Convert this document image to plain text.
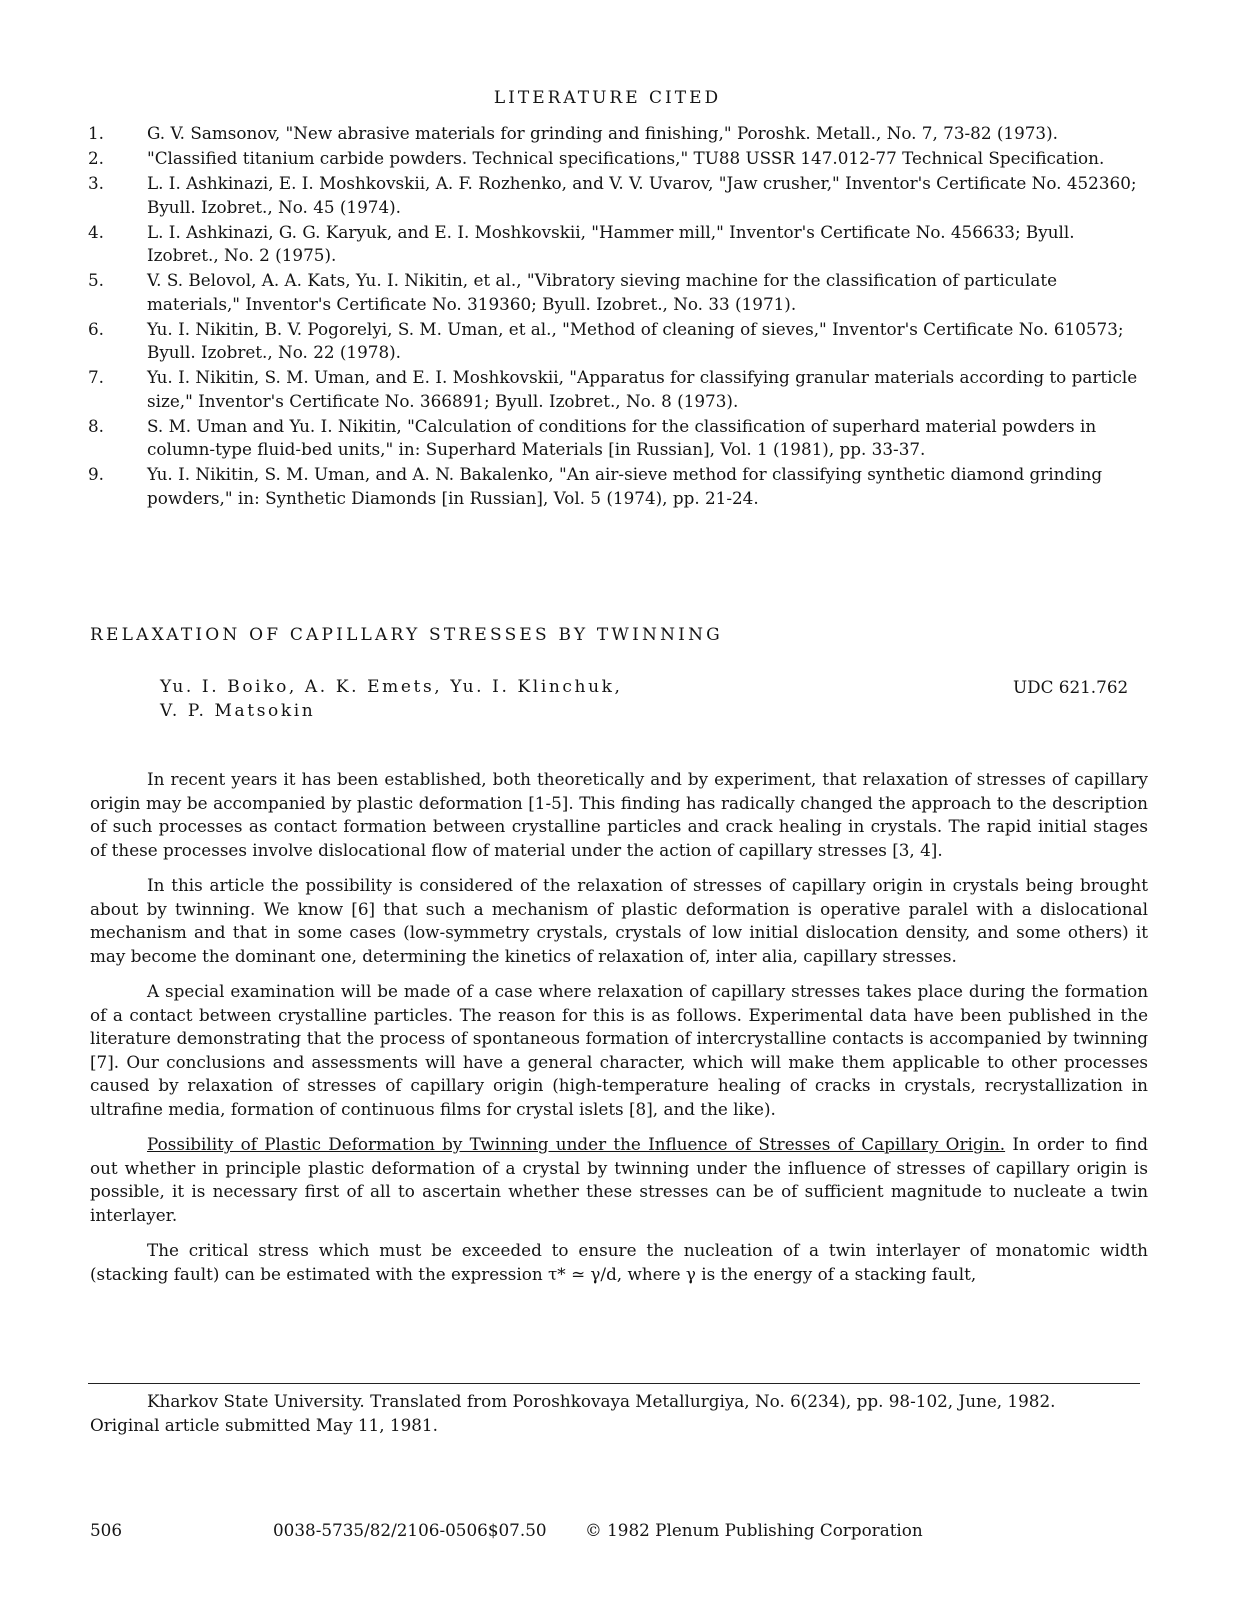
LITERATURE CITED
1.	G. V. Samsonov, "New abrasive materials for grinding and finishing," Poroshk. Metall., No. 7, 73-82 (1973).
2.	"Classified titanium carbide powders. Technical specifications," TU88 USSR 147.012-77 Technical Specification.
3.	L. I. Ashkinazi, E. I. Moshkovskii, A. F. Rozhenko, and V. V. Uvarov, "Jaw crusher," Inventor's Certificate No. 452360; Byull. Izobret., No. 45 (1974).
4.	L. I. Ashkinazi, G. G. Karyuk, and E. I. Moshkovskii, "Hammer mill," Inventor's Certificate No. 456633; Byull. Izobret., No. 2 (1975).
5.	V. S. Belovol, A. A. Kats, Yu. I. Nikitin, et al., "Vibratory sieving machine for the classification of particulate materials," Inventor's Certificate No. 319360; Byull. Izobret., No. 33 (1971).
6.	Yu. I. Nikitin, B. V. Pogorelyi, S. M. Uman, et al., "Method of cleaning of sieves," Inventor's Certificate No. 610573; Byull. Izobret., No. 22 (1978).
7.	Yu. I. Nikitin, S. M. Uman, and E. I. Moshkovskii, "Apparatus for classifying granular materials according to particle size," Inventor's Certificate No. 366891; Byull. Izobret., No. 8 (1973).
8.	S. M. Uman and Yu. I. Nikitin, "Calculation of conditions for the classification of superhard material powders in column-type fluid-bed units," in: Superhard Materials [in Russian], Vol. 1 (1981), pp. 33-37.
9.	Yu. I. Nikitin, S. M. Uman, and A. N. Bakalenko, "An air-sieve method for classifying synthetic diamond grinding powders," in: Synthetic Diamonds [in Russian], Vol. 5 (1974), pp. 21-24.
RELAXATION OF CAPILLARY STRESSES BY TWINNING
Yu. I. Boiko, A. K. Emets, Yu. I. Klinchuk,
V. P. Matsokin
UDC 621.762

In recent years it has been established, both theoretically and by experiment, that relaxation of stresses of capillary origin may be accompanied by plastic deformation [1-5]. This finding has radically changed the approach to the description of such processes as contact formation between crystalline particles and crack healing in crystals. The rapid initial stages of these processes involve dislocational flow of material under the action of capillary stresses [3, 4].

In this article the possibility is considered of the relaxation of stresses of capillary origin in crystals being brought about by twinning. We know [6] that such a mechanism of plastic deformation is operative paralel with a dislocational mechanism and that in some cases (low-symmetry crystals, crystals of low initial dislocation density, and some others) it may become the dominant one, determining the kinetics of relaxation of, inter alia, capillary stresses.

A special examination will be made of a case where relaxation of capillary stresses takes place during the formation of a contact between crystalline particles. The reason for this is as follows. Experimental data have been published in the literature demonstrating that the process of spontaneous formation of intercrystalline contacts is accompanied by twinning [7]. Our conclusions and assessments will have a general character, which will make them applicable to other processes caused by relaxation of stresses of capillary origin (high-temperature healing of cracks in crystals, recrystallization in ultrafine media, formation of continuous films for crystal islets [8], and the like).

Possibility of Plastic Deformation by Twinning under the Influence of Stresses of Capillary Origin. In order to find out whether in principle plastic deformation of a crystal by twinning under the influence of stresses of capillary origin is possible, it is necessary first of all to ascertain whether these stresses can be of sufficient magnitude to nucleate a twin interlayer.

The critical stress which must be exceeded to ensure the nucleation of a twin interlayer of monatomic width (stacking fault) can be estimated with the expression τ* ≃ γ/d, where γ is the energy of a stacking fault,

Kharkov State University. Translated from Poroshkovaya Metallurgiya, No. 6(234), pp. 98-102, June, 1982. Original article submitted May 11, 1981.

506	0038-5735/82/2106-0506$07.50 © 1982 Plenum Publishing Corporation
